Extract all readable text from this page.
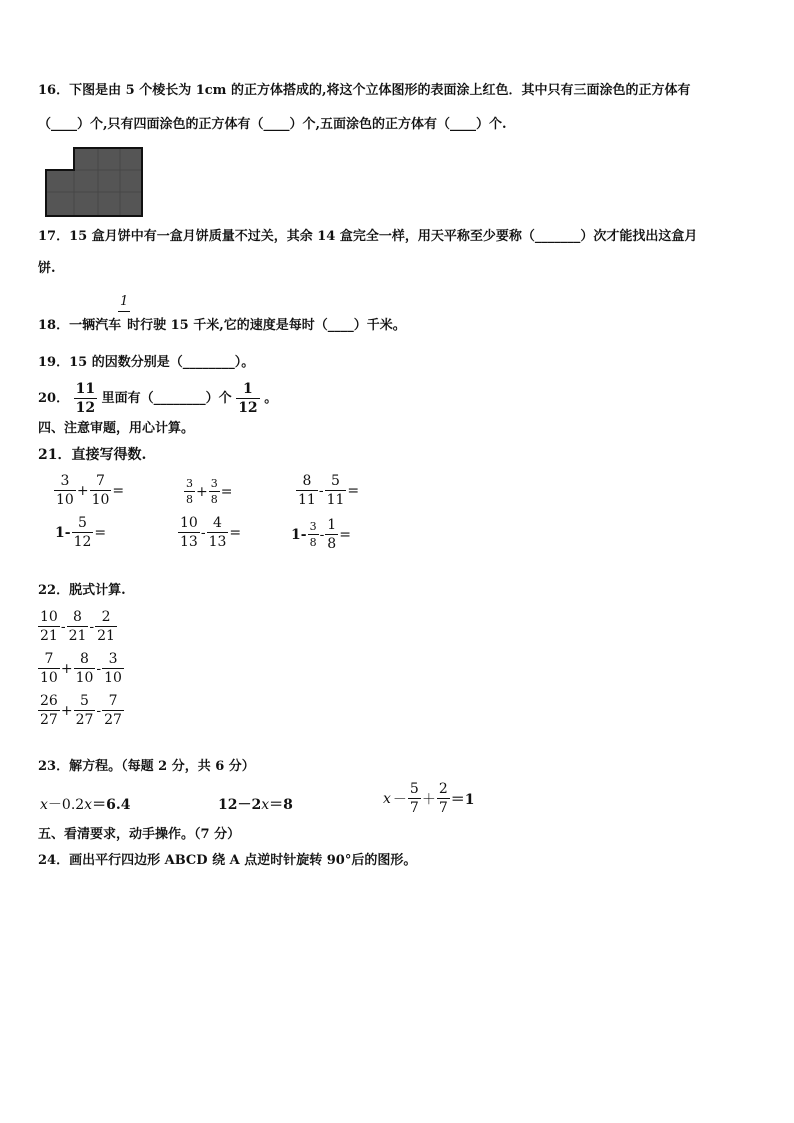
16．下图是由 5 个棱长为 1cm 的正方体搭成的,将这个立体图形的表面涂上红色．其中只有三面涂色的正方体有
（____）个,只有四面涂色的正方体有（____）个,五面涂色的正方体有（____）个.
17．15 盒月饼中有一盒月饼质量不过关，其余 14 盒完全一样，用天平称至少要称（_______）次才能找出这盒月
饼.
1
18．一辆汽车 时行驶 15 千米,它的速度是每时（____）千米。
19．15 的因数分别是（________）。
20． $\frac{11}{12}$ 里面有（________）个 $\frac{1}{12}$ 。
四、注意审题，用心计算。
21．直接写得数.
$\frac{3}{10} + \frac{7}{10}$ =	$\frac{3}{8} + \frac{3}{8}$ =	$\frac{8}{11} - \frac{5}{11}$ =
$1- \frac{5}{12}$ =	$\frac{10}{13} - \frac{4}{13}$ =	$1- \frac{3}{8} - \frac{1}{8}$ =
22．脱式计算.
$\frac{10}{21} - \frac{8}{21} - \frac{2}{21}$
$\frac{7}{10} + \frac{8}{10} - \frac{3}{10}$
$\frac{26}{27} + \frac{5}{27} - \frac{7}{27}$
23．解方程。（每题 2 分，共 6 分）
x－0.2x＝6.4	12－2x＝8	$x - \frac{5}{7} + \frac{2}{7} =1$
五、看清要求，动手操作。（7 分）
24．画出平行四边形 ABCD 绕 A 点逆时针旋转 90°后的图形。
